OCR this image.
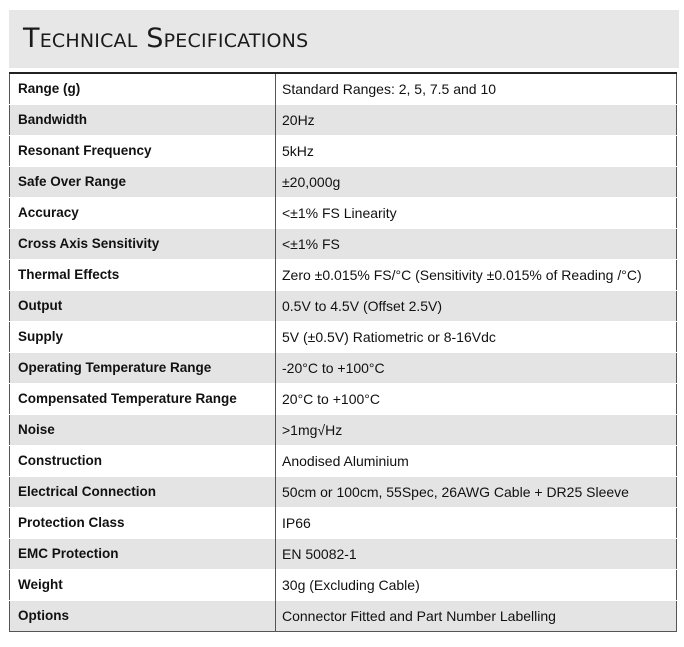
Technical Specifications
Range (g)	Standard Ranges: 2, 5, 7.5 and 10
Bandwidth	20Hz
Resonant Frequency	5kHz
Safe Over Range	±20,000g
Accuracy	<±1% FS Linearity
Cross Axis Sensitivity	<±1% FS
Thermal Effects	Zero ±0.015% FS/°C (Sensitivity ±0.015% of Reading /°C)
Output	0.5V to 4.5V (Offset 2.5V)
Supply	5V (±0.5V) Ratiometric or 8-16Vdc
Operating Temperature Range	-20°C to +100°C
Compensated Temperature Range	20°C to +100°C
Noise	>1mg√Hz
Construction	Anodised Aluminium
Electrical Connection	50cm or 100cm, 55Spec, 26AWG Cable + DR25 Sleeve
Protection Class	IP66
EMC Protection	EN 50082-1
Weight	30g (Excluding Cable)
Options	Connector Fitted and Part Number Labelling
